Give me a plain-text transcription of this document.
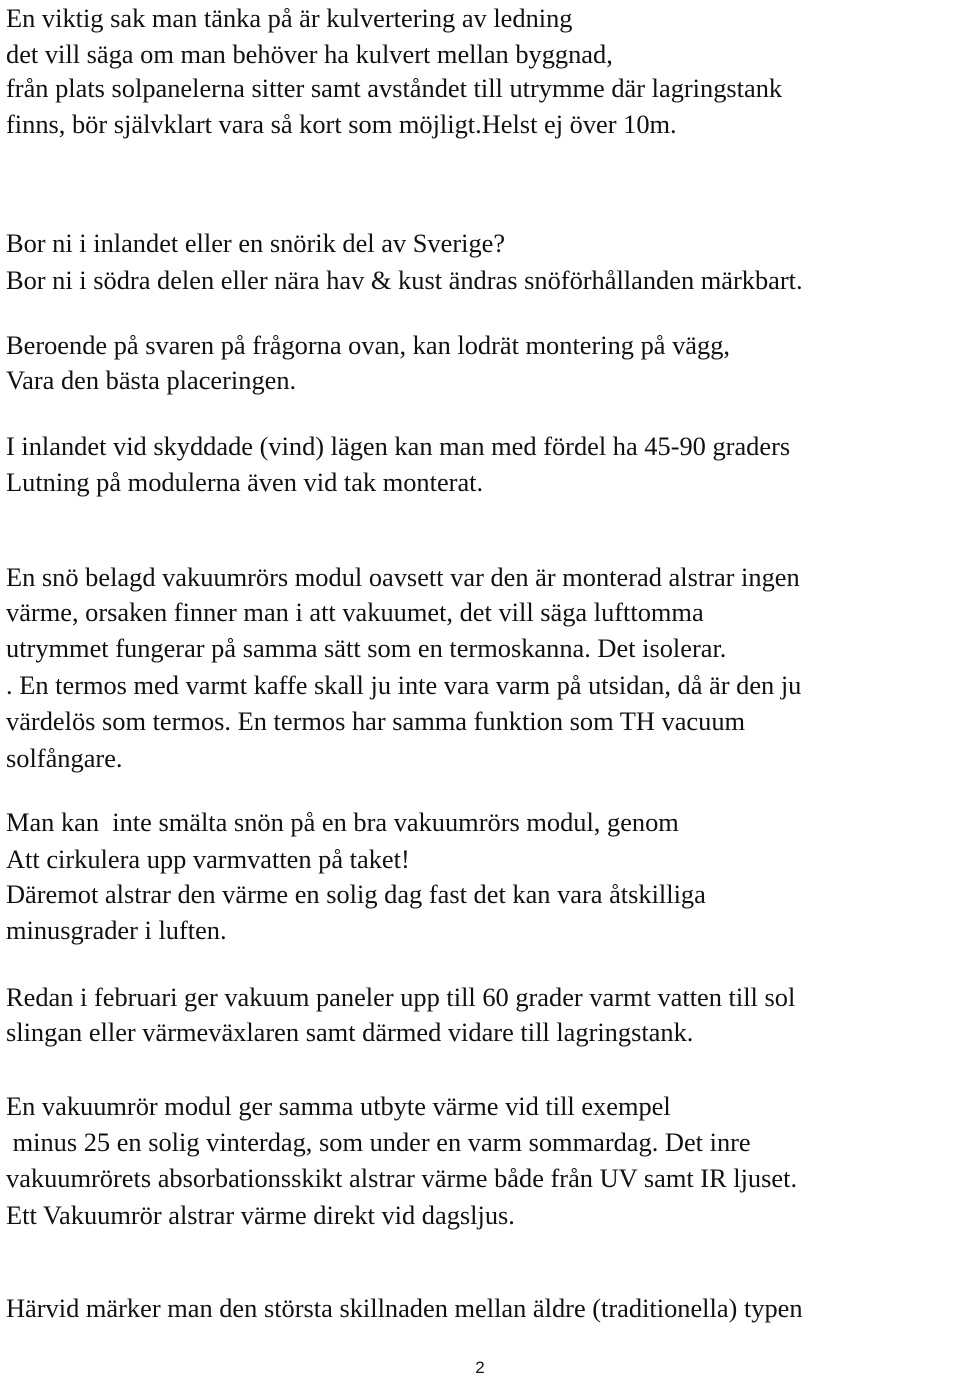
En viktig sak man tänka på är kulvertering av ledning

det vill säga om man behöver ha kulvert mellan byggnad,

från plats solpanelerna sitter samt avståndet till utrymme där lagringstank

finns, bör självklart vara så kort som möjligt.Helst ej över 10m.

Bor ni i inlandet eller en snörik del av Sverige?

Bor ni i södra delen eller nära hav & kust ändras snöförhållanden märkbart.

Beroende på svaren på frågorna ovan, kan lodrät montering på vägg,

Vara den bästa placeringen.

I inlandet vid skyddade (vind) lägen kan man med fördel ha 45-90 graders

Lutning på modulerna även vid tak monterat.

En snö belagd vakuumrörs modul oavsett var den är monterad alstrar ingen

värme, orsaken finner man i att vakuumet, det vill säga lufttomma

utrymmet fungerar på samma sätt som en termoskanna. Det isolerar.

. En termos med varmt kaffe skall ju inte vara varm på utsidan, då är den ju

värdelös som termos. En termos har samma funktion som TH vacuum

solfångare.

Man kan  inte smälta snön på en bra vakuumrörs modul, genom

Att cirkulera upp varmvatten på taket!

Däremot alstrar den värme en solig dag fast det kan vara åtskilliga

minusgrader i luften.

Redan i februari ger vakuum paneler upp till 60 grader varmt vatten till sol

slingan eller värmeväxlaren samt därmed vidare till lagringstank.

En vakuumrör modul ger samma utbyte värme vid till exempel

minus 25 en solig vinterdag, som under en varm sommardag. Det inre

vakuumrörets absorbationsskikt alstrar värme både från UV samt IR ljuset.

Ett Vakuumrör alstrar värme direkt vid dagsljus.

Härvid märker man den största skillnaden mellan äldre (traditionella) typen

2
